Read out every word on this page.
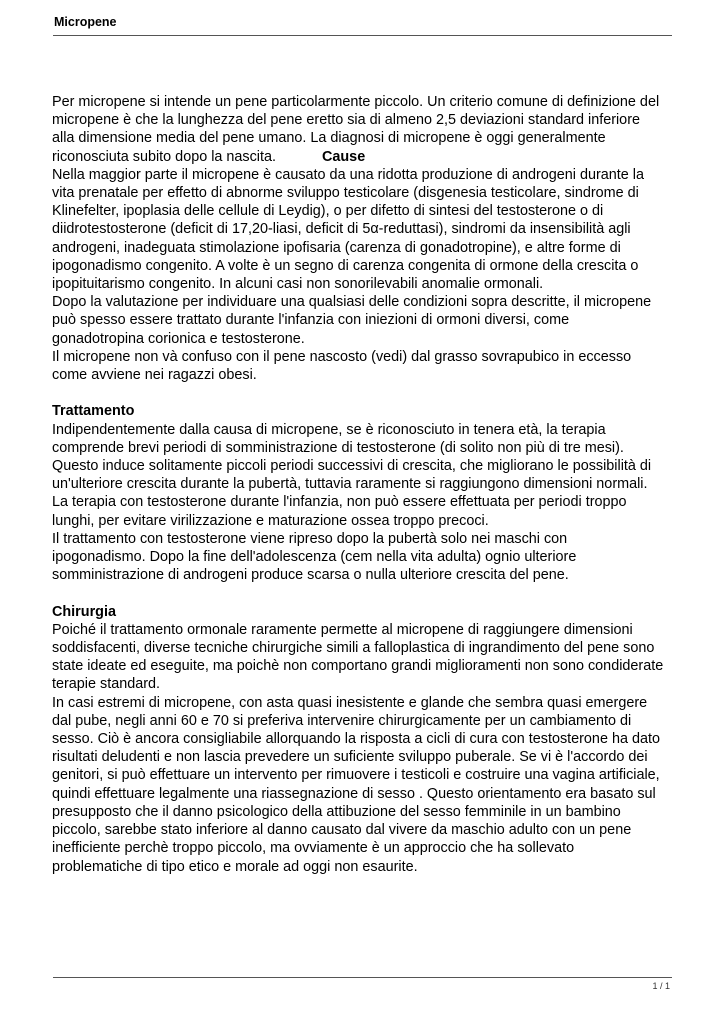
Micropene

Per micropene si intende un pene particolarmente piccolo. Un criterio comune di definizione del

micropene è che la lunghezza del pene eretto sia di almeno 2,5 deviazioni standard inferiore

alla dimensione media del pene umano. La diagnosi di micropene è oggi generalmente

riconosciuta subito dopo la nascita.	Cause

Nella maggior parte il micropene è causato da una ridotta produzione di androgeni durante la

vita prenatale per effetto di abnorme sviluppo testicolare (disgenesia testicolare, sindrome di

Klinefelter, ipoplasia delle cellule di Leydig), o per difetto di sintesi del testosterone o di

diidrotestosterone (deficit di 17,20-liasi, deficit di 5α-reduttasi), sindromi da insensibilità agli

androgeni, inadeguata stimolazione ipofisaria (carenza di gonadotropine), e altre forme di

ipogonadismo congenito. A volte è un segno di carenza congenita di ormone della crescita o

ipopituitarismo congenito. In alcuni casi non sonorilevabili anomalie ormonali.

Dopo la valutazione per individuare una qualsiasi delle condizioni sopra descritte, il micropene

può spesso essere trattato durante l'infanzia con iniezioni di ormoni diversi, come

gonadotropina corionica e testosterone.

Il micropene non và confuso con il pene nascosto (vedi) dal grasso sovrapubico in eccesso

come avviene nei ragazzi obesi.

Trattamento

Indipendentemente dalla causa di micropene, se è riconosciuto in tenera età, la terapia

comprende brevi periodi di somministrazione di testosterone (di solito non più di tre mesi).

Questo induce solitamente piccoli periodi successivi di crescita, che migliorano le possibilità di

un'ulteriore crescita durante la pubertà, tuttavia raramente si raggiungono dimensioni normali.

La terapia con testosterone durante l'infanzia, non può essere effettuata per periodi troppo

lunghi, per evitare virilizzazione e maturazione ossea troppo precoci.

Il trattamento con testosterone viene ripreso dopo la pubertà solo nei maschi con

ipogonadismo. Dopo la fine dell'adolescenza (cem nella vita adulta) ognio ulteriore

somministrazione di androgeni produce scarsa o nulla ulteriore crescita del pene.

Chirurgia

Poiché il trattamento ormonale raramente permette al micropene di raggiungere dimensioni

soddisfacenti, diverse tecniche chirurgiche simili a falloplastica di ingrandimento del pene sono

state ideate ed eseguite, ma poichè non comportano grandi miglioramenti non sono condiderate

terapie standard.

In casi estremi di micropene, con asta quasi inesistente e glande che sembra quasi emergere

dal pube, negli anni 60 e 70 si preferiva intervenire chirurgicamente per un cambiamento di

sesso. Ciò è ancora consigliabile allorquando la risposta a cicli di cura con testosterone ha dato

risultati deludenti e non lascia prevedere un suficiente sviluppo puberale. Se vi è l'accordo dei

genitori, si può effettuare un intervento per rimuovere i testicoli e costruire una vagina artificiale,

quindi effettuare legalmente una riassegnazione di sesso . Questo orientamento era basato sul

presupposto che il danno psicologico della attibuzione del sesso femminile in un bambino

piccolo, sarebbe stato inferiore al danno causato dal vivere da maschio adulto con un pene

inefficiente perchè troppo piccolo, ma ovviamente è un approccio che ha sollevato

problematiche di tipo etico e morale ad oggi non esaurite.

1 / 1
